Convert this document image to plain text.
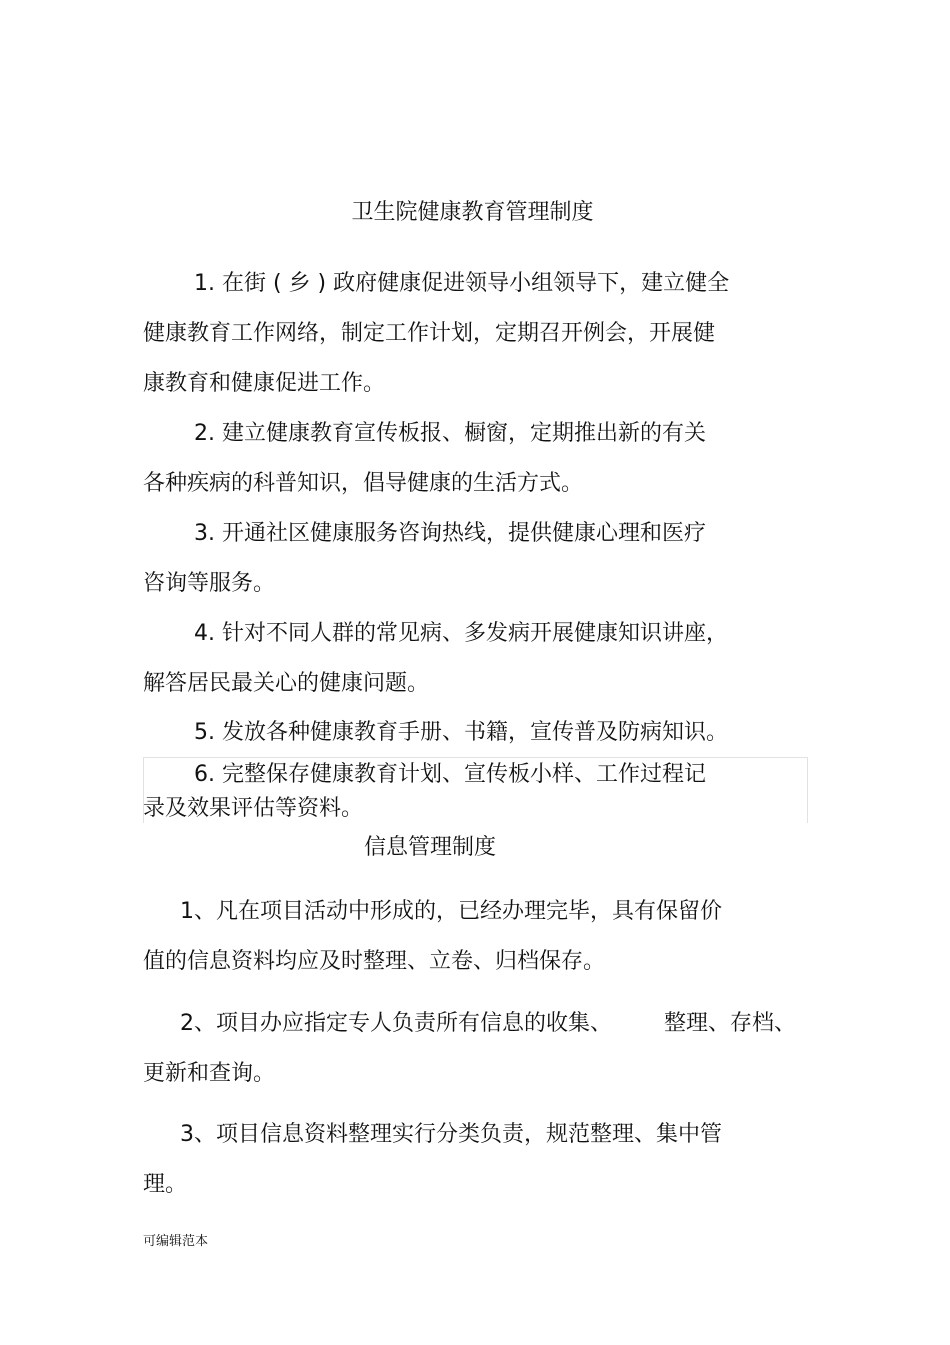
卫生院健康教育管理制度

1. 在街 ( 乡 ) 政府健康促进领导小组领导下，建立健全

健康教育工作网络，制定工作计划，定期召开例会，开展健

康教育和健康促进工作。

2. 建立健康教育宣传板报、橱窗，定期推出新的有关

各种疾病的科普知识，倡导健康的生活方式。

3. 开通社区健康服务咨询热线，提供健康心理和医疗

咨询等服务。

4. 针对不同人群的常见病、多发病开展健康知识讲座，

解答居民最关心的健康问题。

5. 发放各种健康教育手册、书籍，宣传普及防病知识。

6. 完整保存健康教育计划、宣传板小样、工作过程记

录及效果评估等资料。

信息管理制度

1、凡在项目活动中形成的，已经办理完毕，具有保留价

值的信息资料均应及时整理、立卷、归档保存。

2、项目办应指定专人负责所有信息的收集、 整理、存档、

更新和查询。

3、项目信息资料整理实行分类负责，规范整理、集中管

理。

可编辑范本
